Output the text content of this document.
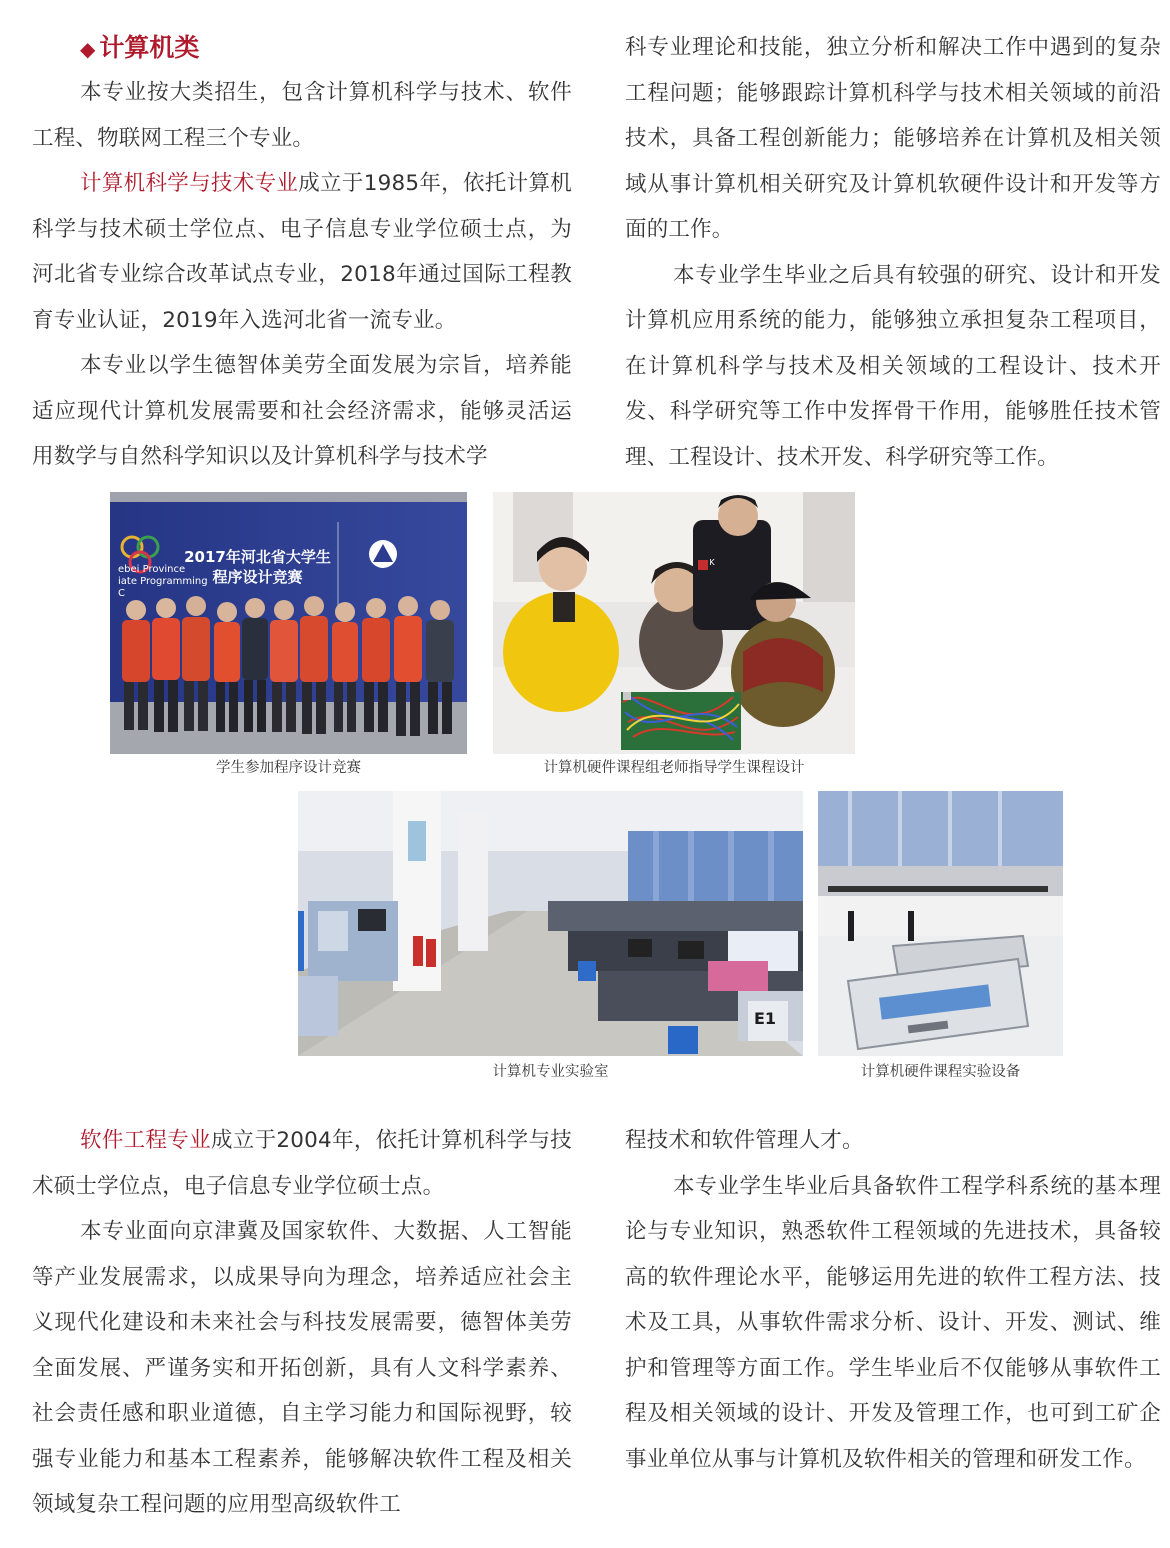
◆ 计算机类

本专业按大类招生，包含计算机科学与技术、软件工程、物联网工程三个专业。

计算机科学与技术专业成立于1985年，依托计算机科学与技术硕士学位点、电子信息专业学位硕士点，为河北省专业综合改革试点专业，2018年通过国际工程教育专业认证，2019年入选河北省一流专业。

本专业以学生德智体美劳全面发展为宗旨，培养能适应现代计算机发展需要和社会经济需求，能够灵活运用数学与自然科学知识以及计算机科学与技术学

科专业理论和技能，独立分析和解决工作中遇到的复杂工程问题；能够跟踪计算机科学与技术相关领域的前沿技术，具备工程创新能力；能够培养在计算机及相关领域从事计算机相关研究及计算机软硬件设计和开发等方面的工作。

本专业学生毕业之后具有较强的研究、设计和开发计算机应用系统的能力，能够独立承担复杂工程项目，在计算机科学与技术及相关领域的工程设计、技术开发、科学研究等工作中发挥骨干作用，能够胜任技术管理、工程设计、技术开发、科学研究等工作。

2017年河北省大学生
程序设计竞赛
ebei Province
iate Programming
C
学生参加程序设计竞赛
K
计算机硬件课程组老师指导学生课程设计
E1
计算机专业实验室	计算机硬件课程实验设备

软件工程专业成立于2004年，依托计算机科学与技术硕士学位点，电子信息专业学位硕士点。

本专业面向京津冀及国家软件、大数据、人工智能等产业发展需求，以成果导向为理念，培养适应社会主义现代化建设和未来社会与科技发展需要，德智体美劳全面发展、严谨务实和开拓创新，具有人文科学素养、社会责任感和职业道德，自主学习能力和国际视野，较强专业能力和基本工程素养，能够解决软件工程及相关领域复杂工程问题的应用型高级软件工

程技术和软件管理人才。

本专业学生毕业后具备软件工程学科系统的基本理论与专业知识，熟悉软件工程领域的先进技术，具备较高的软件理论水平，能够运用先进的软件工程方法、技术及工具，从事软件需求分析、设计、开发、测试、维护和管理等方面工作。学生毕业后不仅能够从事软件工程及相关领域的设计、开发及管理工作，也可到工矿企事业单位从事与计算机及软件相关的管理和研发工作。
